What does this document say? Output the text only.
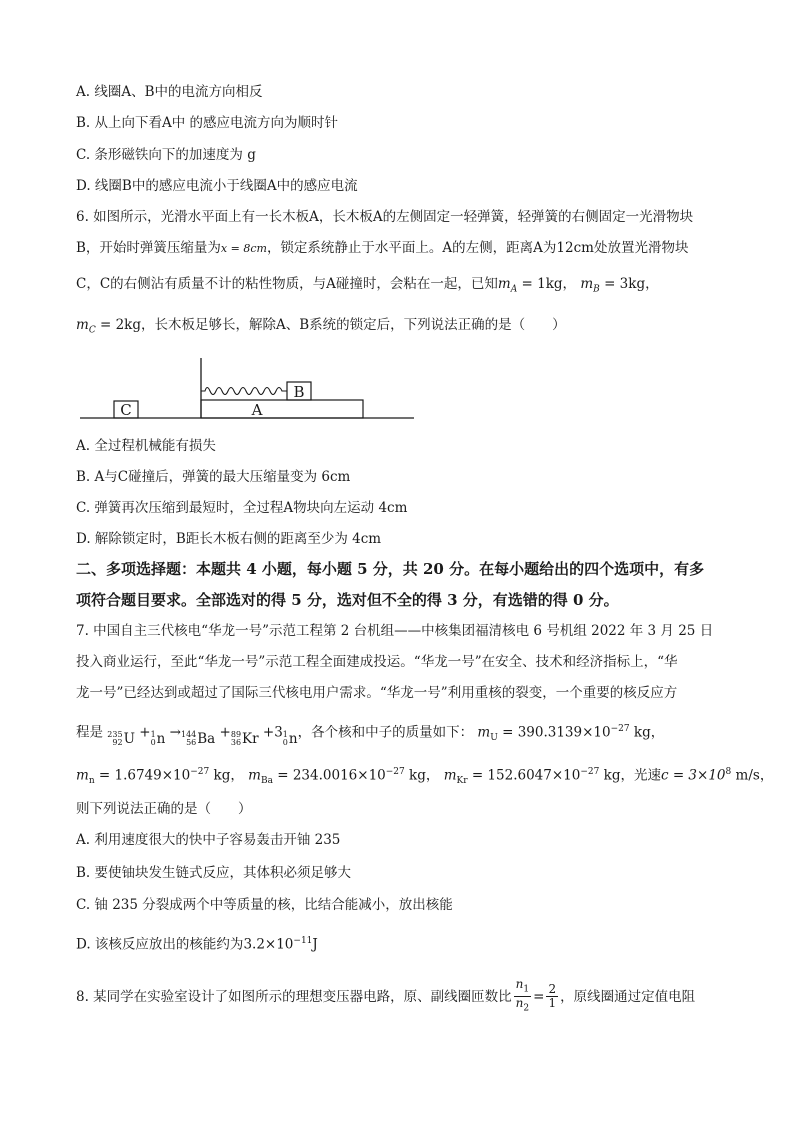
A. 线圈A、B中的电流方向相反
B. 从上向下看A中 的感应电流方向为顺时针
C. 条形磁铁向下的加速度为 g
D. 线圈B中的感应电流小于线圈A中的感应电流
6. 如图所示，光滑水平面上有一长木板A，长木板A的左侧固定一轻弹簧，轻弹簧的右侧固定一光滑物块
B，开始时弹簧压缩量为x = 8cm，锁定系统静止于水平面上。A的左侧，距离A为12cm处放置光滑物块
C，C的右侧沾有质量不计的粘性物质，与A碰撞时，会粘在一起，已知$m_A = 1kg$， $m_B = 3kg$，
$m_C = 2kg$，长木板足够长，解除A、B系统的锁定后，下列说法正确的是（　　）
B
C	A
A. 全过程机械能有损失
B. A与C碰撞后，弹簧的最大压缩量变为 6cm
C. 弹簧再次压缩到最短时，全过程A物块向左运动 4cm
D. 解除锁定时，B距长木板右侧的距离至少为 4cm
二、多项选择题：本题共 4 小题，每小题 5 分，共 20 分。在每小题给出的四个选项中，有多
项符合题目要求。全部选对的得 5 分，选对但不全的得 3 分，有选错的得 0 分。
7. 中国自主三代核电“华龙一号”示范工程第 2 台机组——中核集团福清核电 6 号机组 2022 年 3 月 25 日
投入商业运行，至此“华龙一号”示范工程全面建成投运。“华龙一号”在安全、技术和经济指标上，“华
龙一号”已经达到或超过了国际三代核电用户需求。“华龙一号”利用重核的裂变，一个重要的核反应方
程是 235
92 U + 1
0 n → 144
56 Ba + 89
36 Kr +3 1
0 n ，各个核和中子的质量如下： $m_U = 390.3139\times 10^{-27}$ kg，
$m_n = 1.6749\times 10^{-27}$ kg， $m_{Ba} = 234.0016\times 10^{-27}$ kg， $m_{Kr} = 152.6047\times 10^{-27}$ kg，光速$c = 3\times 10^8$ m/s，
则下列说法正确的是（　　）
A. 利用速度很大的快中子容易轰击开铀 235
B. 要使铀块发生链式反应，其体积必须足够大
C. 铀 235 分裂成两个中等质量的核，比结合能减小，放出核能
D. 该核反应放出的核能约为$3.2\times 10^{-11}J$
8. 某同学在实验室设计了如图所示的理想变压器电路，原、副线圈匝数比 $\frac{n_1}{n_2} = \frac{2}{1}$ ，原线圈通过定值电阻
